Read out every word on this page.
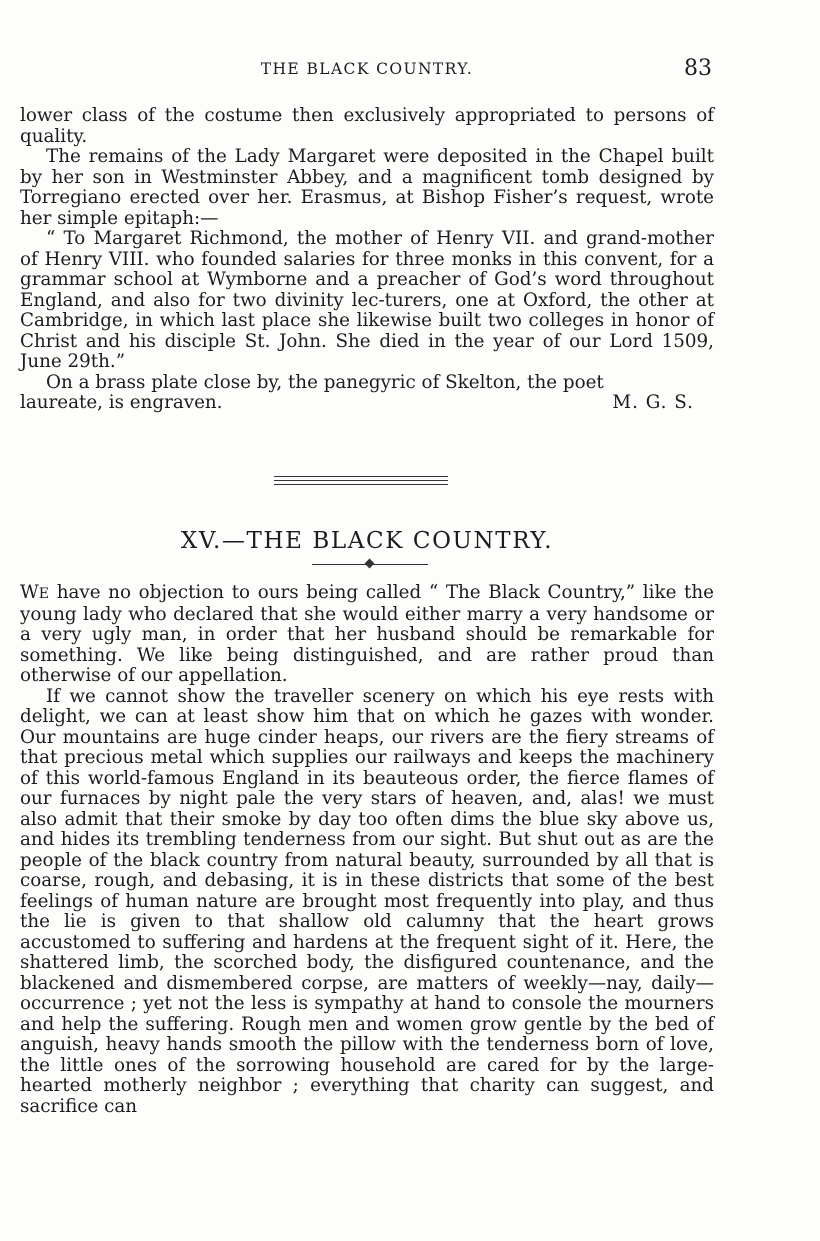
THE BLACK COUNTRY.	83

lower class of the costume then exclusively appropriated to persons of quality.

The remains of the Lady Margaret were deposited in the Chapel built by her son in Westminster Abbey, and a magnificent tomb designed by Torregiano erected over her. Erasmus, at Bishop Fisher’s request, wrote her simple epitaph:—

“ To Margaret Richmond, the mother of Henry VII. and grand-mother of Henry VIII. who founded salaries for three monks in this convent, for a grammar school at Wymborne and a preacher of God’s word throughout England, and also for two divinity lec-turers, one at Oxford, the other at Cambridge, in which last place she likewise built two colleges in honor of Christ and his disciple St. John. She died in the year of our Lord 1509, June 29th.”

On a brass plate close by, the panegyric of Skelton, the poet

laureate, is engraven.	M. G. S.

XV.—THE BLACK COUNTRY.

WE have no objection to ours being called “ The Black Country,” like the young lady who declared that she would either marry a very handsome or a very ugly man, in order that her husband should be remarkable for something. We like being distinguished, and are rather proud than otherwise of our appellation.

If we cannot show the traveller scenery on which his eye rests with delight, we can at least show him that on which he gazes with wonder. Our mountains are huge cinder heaps, our rivers are the fiery streams of that precious metal which supplies our railways and keeps the machinery of this world-famous England in its beauteous order, the fierce flames of our furnaces by night pale the very stars of heaven, and, alas! we must also admit that their smoke by day too often dims the blue sky above us, and hides its trembling tenderness from our sight. But shut out as are the people of the black country from natural beauty, surrounded by all that is coarse, rough, and debasing, it is in these districts that some of the best feelings of human nature are brought most frequently into play, and thus the lie is given to that shallow old calumny that the heart grows accustomed to suffering and hardens at the frequent sight of it. Here, the shattered limb, the scorched body, the disfigured countenance, and the blackened and dismembered corpse, are matters of weekly—nay, daily—occurrence ; yet not the less is sympathy at hand to console the mourners and help the suffering. Rough men and women grow gentle by the bed of anguish, heavy hands smooth the pillow with the tenderness born of love, the little ones of the sorrowing household are cared for by the large-hearted motherly neighbor ; everything that charity can suggest, and sacrifice can
